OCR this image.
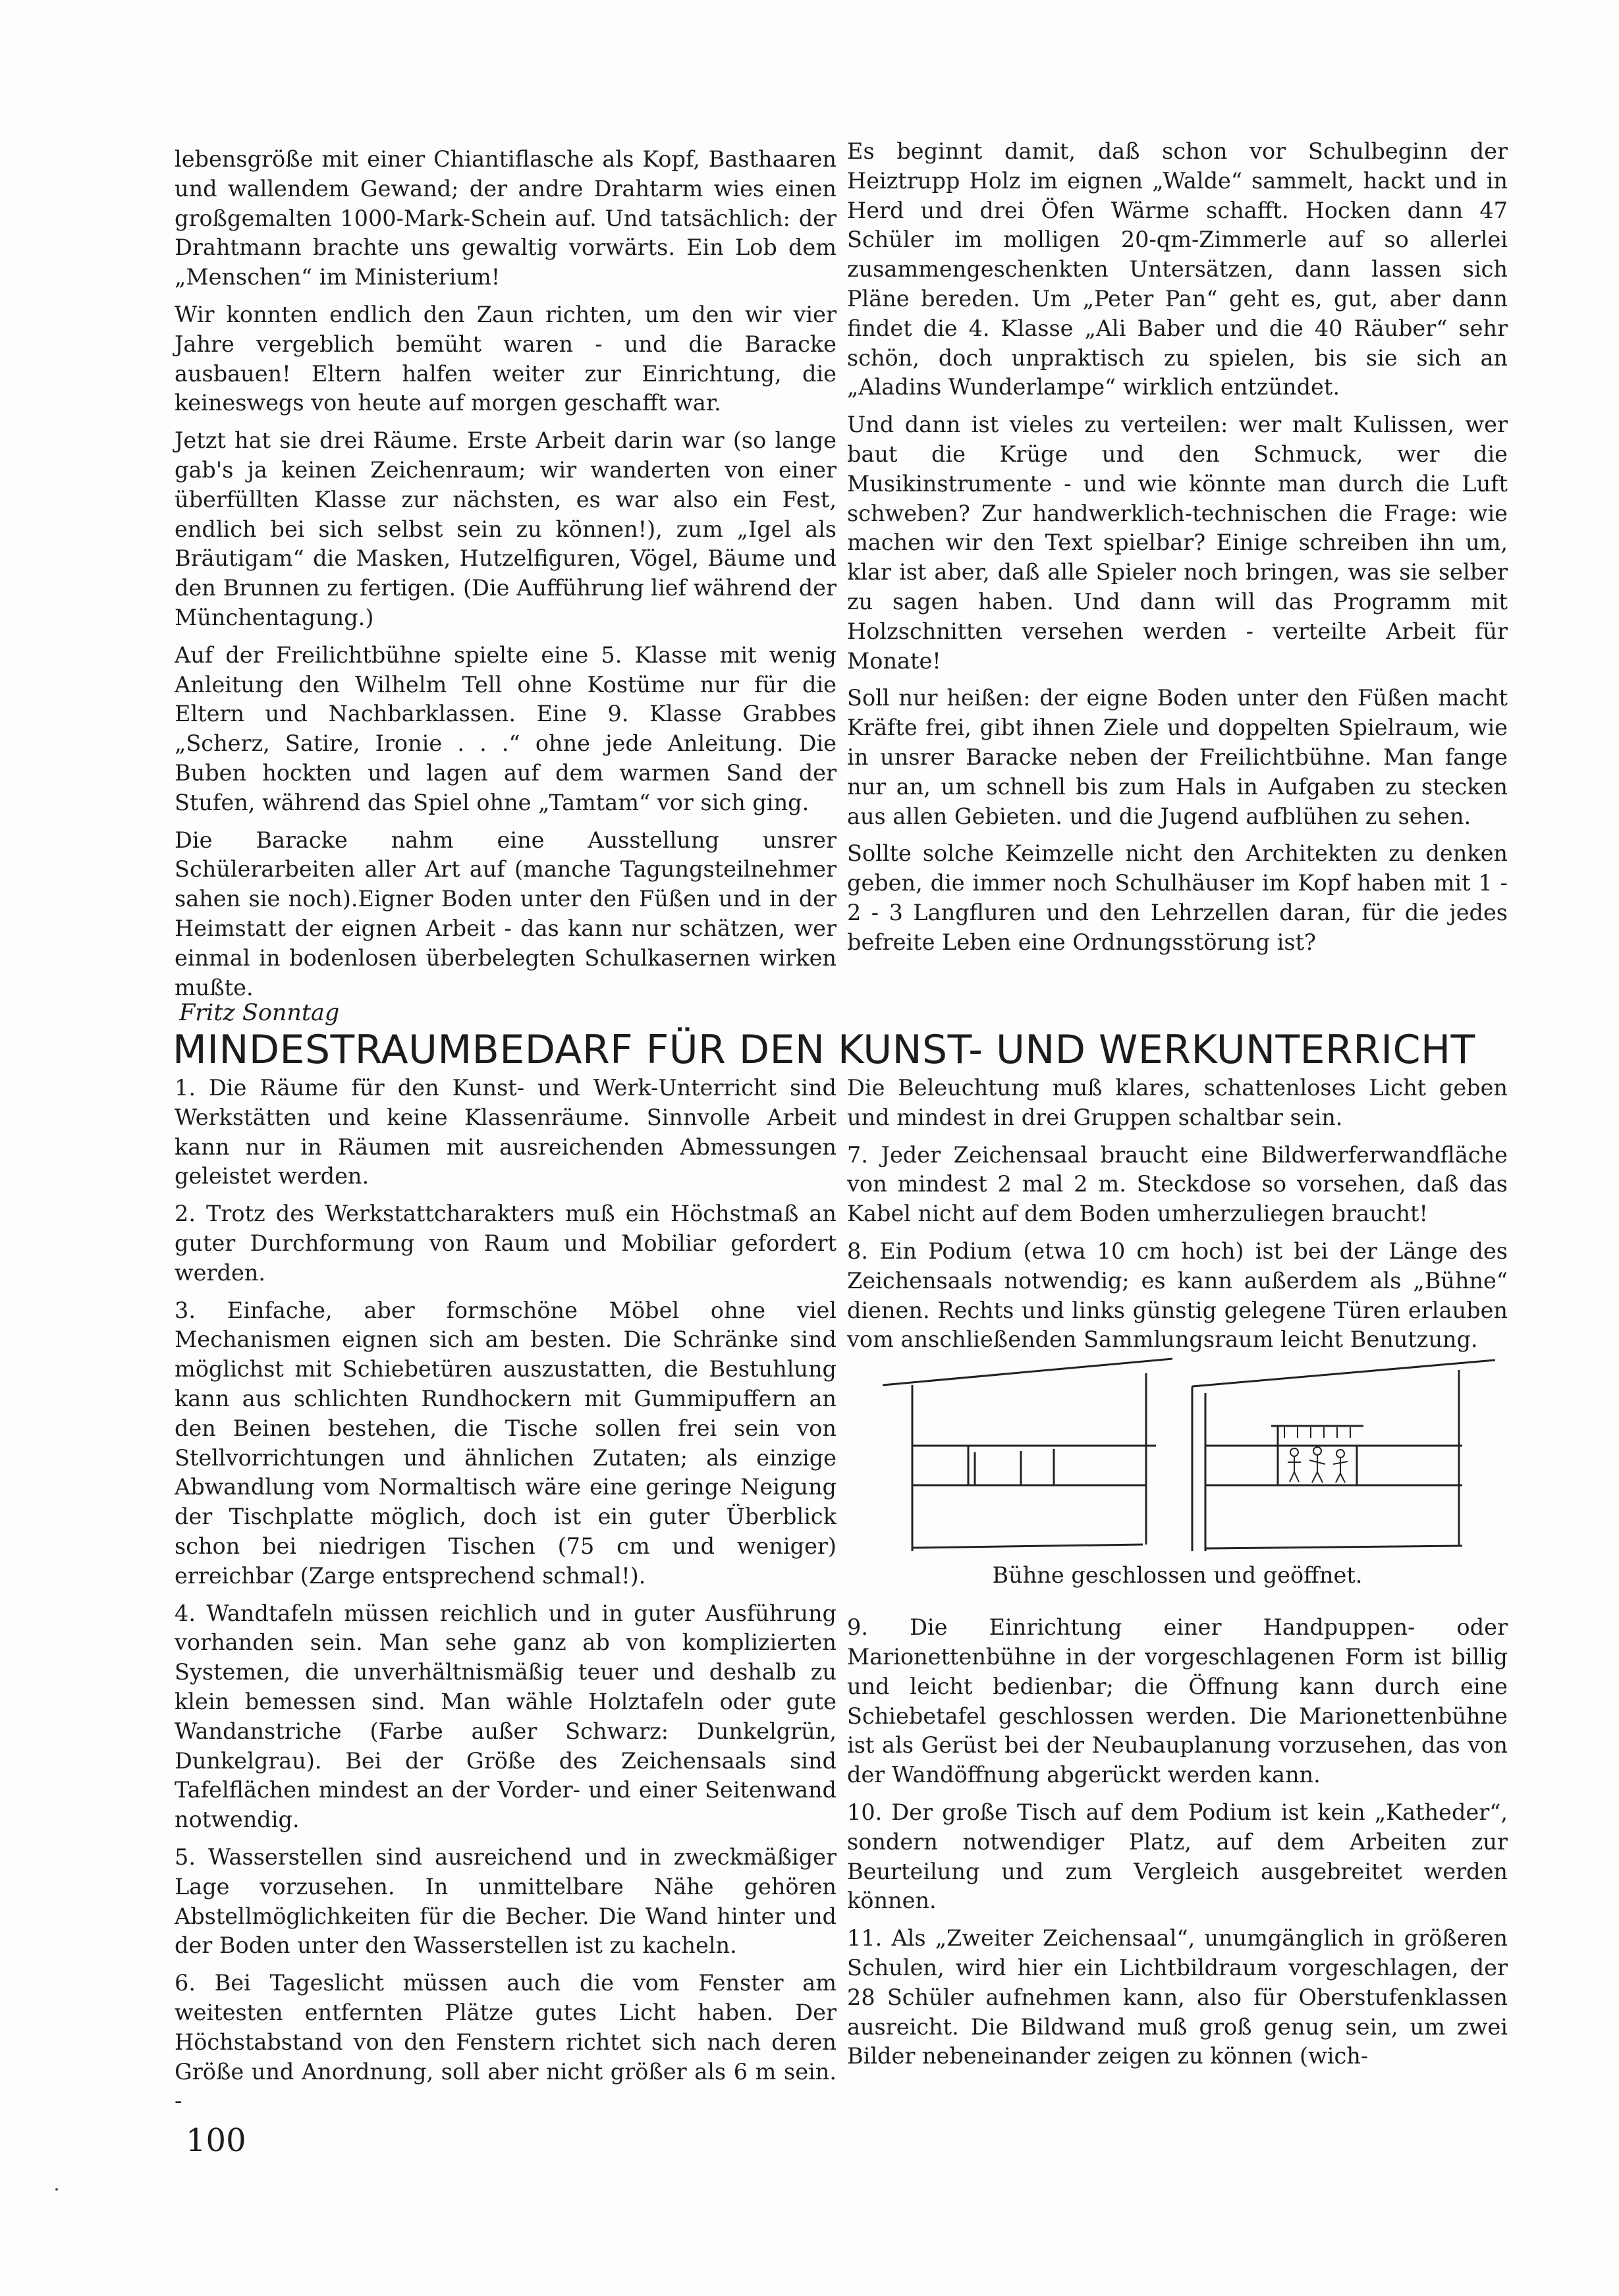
lebensgröße mit einer Chiantiflasche als Kopf, Basthaaren und wallendem Gewand; der andre Drahtarm wies einen großgemalten 1000-Mark-Schein auf. Und tatsächlich: der Drahtmann brachte uns gewaltig vorwärts. Ein Lob dem „Menschen“ im Ministerium!

Wir konnten endlich den Zaun richten, um den wir vier Jahre vergeblich bemüht waren - und die Baracke ausbauen! Eltern halfen weiter zur Einrichtung, die keineswegs von heute auf morgen geschafft war.

Jetzt hat sie drei Räume. Erste Arbeit darin war (so lange gab's ja keinen Zeichenraum; wir wanderten von einer überfüllten Klasse zur nächsten, es war also ein Fest, endlich bei sich selbst sein zu können!), zum „Igel als Bräutigam“ die Masken, Hutzelfiguren, Vögel, Bäume und den Brunnen zu fertigen. (Die Aufführung lief während der Münchentagung.)

Auf der Freilichtbühne spielte eine 5. Klasse mit wenig Anleitung den Wilhelm Tell ohne Kostüme nur für die Eltern und Nachbarklassen. Eine 9. Klasse Grabbes „Scherz, Satire, Ironie . . .“ ohne jede Anleitung. Die Buben hockten und lagen auf dem warmen Sand der Stufen, während das Spiel ohne „Tamtam“ vor sich ging.

Die Baracke nahm eine Ausstellung unsrer Schülerarbeiten aller Art auf (manche Tagungsteilnehmer sahen sie noch).Eigner Boden unter den Füßen und in der Heimstatt der eignen Arbeit - das kann nur schätzen, wer einmal in bodenlosen überbelegten Schulkasernen wirken mußte.

Es beginnt damit, daß schon vor Schulbeginn der Heiztrupp Holz im eignen „Walde“ sammelt, hackt und in Herd und drei Öfen Wärme schafft. Hocken dann 47 Schüler im molligen 20-qm-Zimmerle auf so allerlei zusammengeschenkten Untersätzen, dann lassen sich Pläne bereden. Um „Peter Pan“ geht es, gut, aber dann findet die 4. Klasse „Ali Baber und die 40 Räuber“ sehr schön, doch unpraktisch zu spielen, bis sie sich an „Aladins Wunderlampe“ wirklich entzündet.

Und dann ist vieles zu verteilen: wer malt Kulissen, wer baut die Krüge und den Schmuck, wer die Musikinstrumente - und wie könnte man durch die Luft schweben? Zur handwerklich-technischen die Frage: wie machen wir den Text spielbar? Einige schreiben ihn um, klar ist aber, daß alle Spieler noch bringen, was sie selber zu sagen haben. Und dann will das Programm mit Holzschnitten versehen werden - verteilte Arbeit für Monate!

Soll nur heißen: der eigne Boden unter den Füßen macht Kräfte frei, gibt ihnen Ziele und doppelten Spielraum, wie in unsrer Baracke neben der Freilichtbühne. Man fange nur an, um schnell bis zum Hals in Aufgaben zu stecken aus allen Gebieten. und die Jugend aufblühen zu sehen.

Sollte solche Keimzelle nicht den Architekten zu denken geben, die immer noch Schulhäuser im Kopf haben mit 1 - 2 - 3 Langfluren und den Lehrzellen daran, für die jedes befreite Leben eine Ordnungsstörung ist?

Fritz Sonntag
MINDESTRAUMBEDARF FÜR DEN KUNST- UND WERKUNTERRICHT

1. Die Räume für den Kunst- und Werk-Unterricht sind Werkstätten und keine Klassenräume. Sinnvolle Arbeit kann nur in Räumen mit ausreichenden Abmessungen geleistet werden.

2. Trotz des Werkstattcharakters muß ein Höchstmaß an guter Durchformung von Raum und Mobiliar gefordert werden.

3. Einfache, aber formschöne Möbel ohne viel Mechanismen eignen sich am besten. Die Schränke sind möglichst mit Schiebetüren auszustatten, die Bestuhlung kann aus schlichten Rundhockern mit Gummipuffern an den Beinen bestehen, die Tische sollen frei sein von Stellvorrichtungen und ähnlichen Zutaten; als einzige Abwandlung vom Normaltisch wäre eine geringe Neigung der Tischplatte möglich, doch ist ein guter Überblick schon bei niedrigen Tischen (75 cm und weniger) erreichbar (Zarge entsprechend schmal!).

4. Wandtafeln müssen reichlich und in guter Ausführung vorhanden sein. Man sehe ganz ab von komplizierten Systemen, die unverhältnismäßig teuer und deshalb zu klein bemessen sind. Man wähle Holztafeln oder gute Wandanstriche (Farbe außer Schwarz: Dunkelgrün, Dunkelgrau). Bei der Größe des Zeichensaals sind Tafelflächen mindest an der Vorder- und einer Seitenwand notwendig.

5. Wasserstellen sind ausreichend und in zweckmäßiger Lage vorzusehen. In unmittelbare Nähe gehören Abstellmöglichkeiten für die Becher. Die Wand hinter und der Boden unter den Wasserstellen ist zu kacheln.

6. Bei Tageslicht müssen auch die vom Fenster am weitesten entfernten Plätze gutes Licht haben. Der Höchstabstand von den Fenstern richtet sich nach deren Größe und Anordnung, soll aber nicht größer als 6 m sein. -

Die Beleuchtung muß klares, schattenloses Licht geben und mindest in drei Gruppen schaltbar sein.

7. Jeder Zeichensaal braucht eine Bildwerferwandfläche von mindest 2 mal 2 m. Steckdose so vorsehen, daß das Kabel nicht auf dem Boden umherzuliegen braucht!

8. Ein Podium (etwa 10 cm hoch) ist bei der Länge des Zeichensaals notwendig; es kann außerdem als „Bühne“ dienen. Rechts und links günstig gelegene Türen erlauben vom anschließenden Sammlungsraum leicht Benutzung.

9. Die Einrichtung einer Handpuppen- oder Marionettenbühne in der vorgeschlagenen Form ist billig und leicht bedienbar; die Öffnung kann durch eine Schiebetafel geschlossen werden. Die Marionettenbühne ist als Gerüst bei der Neubauplanung vorzusehen, das von der Wandöffnung abgerückt werden kann.

10. Der große Tisch auf dem Podium ist kein „Katheder“, sondern notwendiger Platz, auf dem Arbeiten zur Beurteilung und zum Vergleich ausgebreitet werden können.

11. Als „Zweiter Zeichensaal“, unumgänglich in größeren Schulen, wird hier ein Lichtbildraum vorgeschlagen, der 28 Schüler aufnehmen kann, also für Oberstufenklassen ausreicht. Die Bildwand muß groß genug sein, um zwei Bilder nebeneinander zeigen zu können (wich-

Bühne geschlossen und geöffnet.
100
